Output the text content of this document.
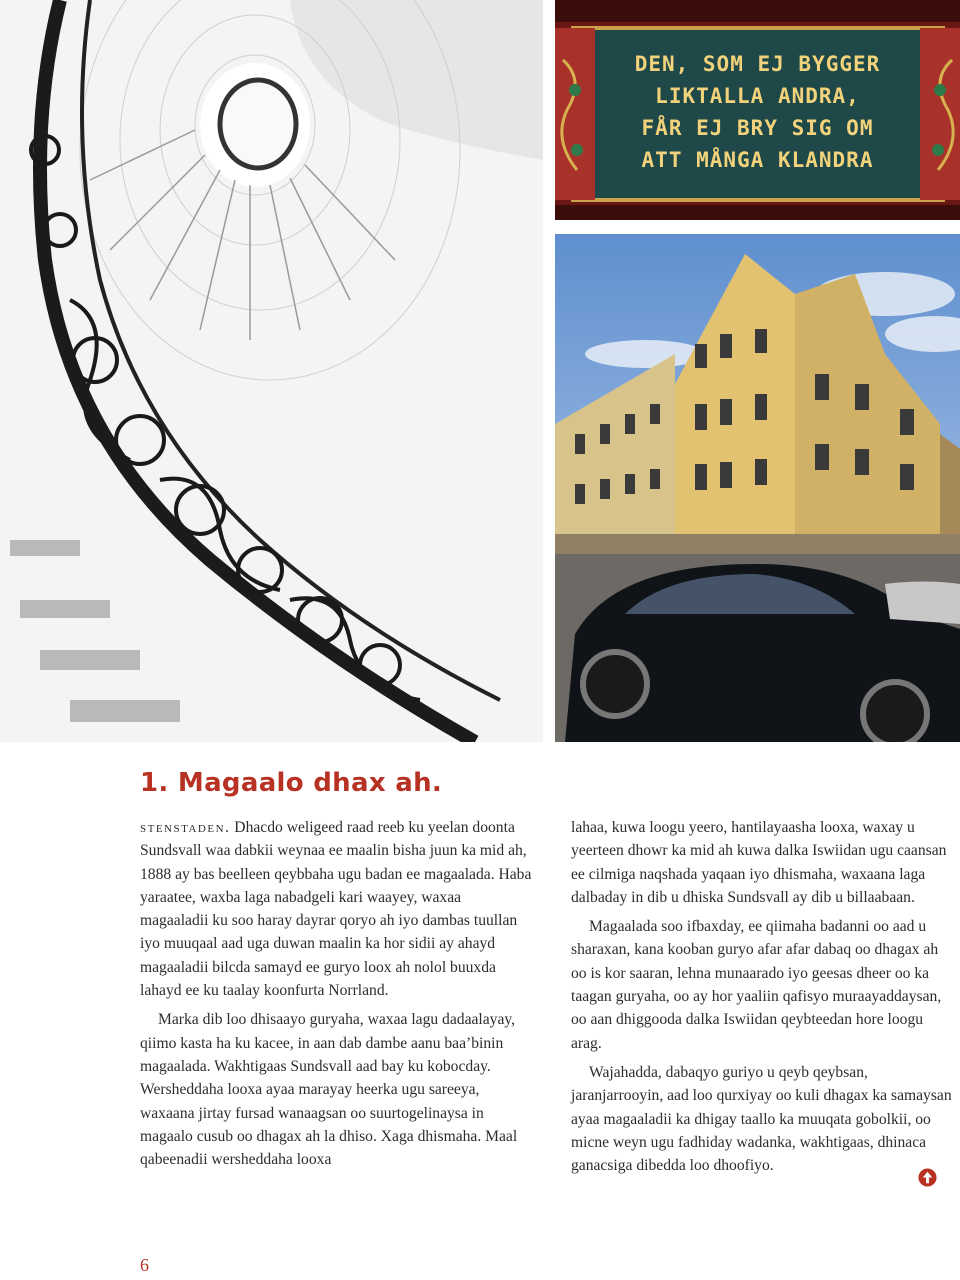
DEN, SOM EJ BYGGER
LIKTALLA ANDRA,
FÅR EJ BRY SIG OM
ATT MÅNGA KLANDRA
1. Magaalo dhax ah.

stenstaden. Dhacdo weligeed raad reeb ku yeelan doonta Sundsvall waa dabkii weynaa ee maalin bisha juun ka mid ah, 1888 ay bas beelleen qeybbaha ugu badan ee magaalada. Haba yaraatee, waxba laga nabadgeli kari waayey, waxaa magaaladii ku soo haray dayrar qoryo ah iyo dambas tuullan iyo muuqaal aad uga duwan maalin ka hor sidii ay ahayd magaaladii bilcda samayd ee guryo loox ah nolol buuxda lahayd ee ku taalay koonfurta Norrland.

Marka dib loo dhisaayo guryaha, waxaa lagu dadaalayay, qiimo kasta ha ku kacee, in aan dab dambe aanu baa’binin magaalada. Wakhtigaas Sundsvall aad bay ku kobocday. Wersheddaha looxa ayaa marayay heerka ugu sareeya, waxaana jirtay fursad wanaagsan oo suurtogelinaysa in magaalo cusub oo dhagax ah la dhiso. Xaga dhismaha. Maal qabeenadii wersheddaha looxa

lahaa, kuwa loogu yeero, hantilayaasha looxa, waxay u yeerteen dhowr ka mid ah kuwa dalka Iswiidan ugu caansan ee cilmiga naqshada yaqaan iyo dhismaha, waxaana laga dalbaday in dib u dhiska Sundsvall ay dib u billaabaan.

Magaalada soo ifbaxday, ee qiimaha badanni oo aad u sharaxan, kana kooban guryo afar afar dabaq oo dhagax ah oo is kor saaran, lehna munaarado iyo geesas dheer oo ka taagan guryaha, oo ay hor yaaliin qafisyo muraayaddaysan, oo aan dhiggooda dalka Iswiidan qeybteedan hore loogu arag.

Wajahadda, dabaqyo guriyo u qeyb qeybsan, jaranjarrooyin, aad loo qurxiyay oo kuli dhagax ka samaysan ayaa magaaladii ka dhigay taallo ka muuqata gobolkii, oo micne weyn ugu fadhiday wadanka, wakhtigaas, dhinaca ganacsiga dibedda loo dhoofiyo.

6
